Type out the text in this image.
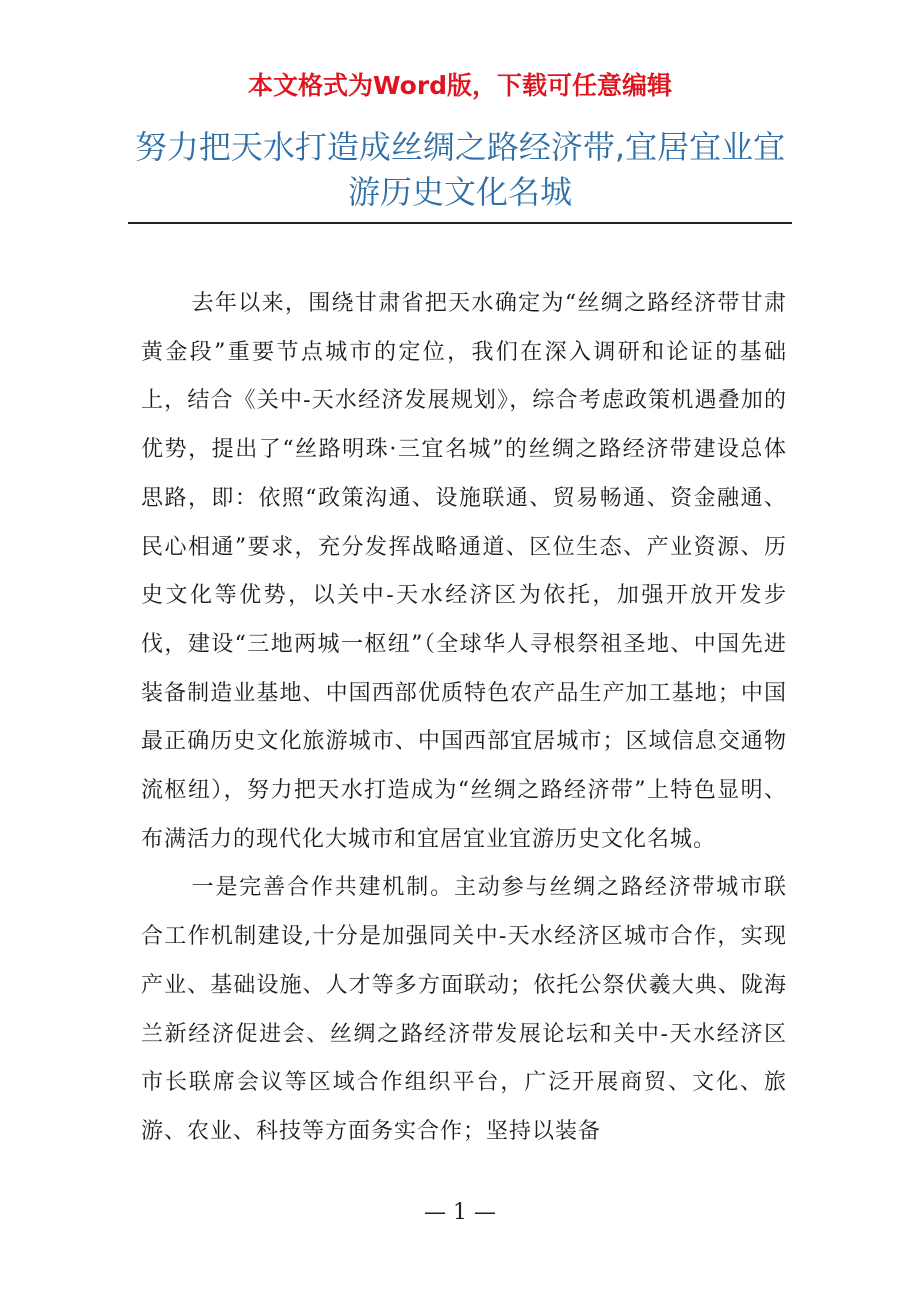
本文格式为Word版，下载可任意编辑
努力把天水打造成丝绸之路经济带,宜居宜业宜游历史文化名城

去年以来，围绕甘肃省把天水确定为“丝绸之路经济带甘肃黄金段”重要节点城市的定位，我们在深入调研和论证的基础上，结合《关中-天水经济发展规划》，综合考虑政策机遇叠加的优势，提出了“丝路明珠·三宜名城”的丝绸之路经济带建设总体思路，即：依照“政策沟通、设施联通、贸易畅通、资金融通、民心相通”要求，充分发挥战略通道、区位生态、产业资源、历史文化等优势，以关中-天水经济区为依托，加强开放开发步伐，建设“三地两城一枢纽”（全球华人寻根祭祖圣地、中国先进装备制造业基地、中国西部优质特色农产品生产加工基地；中国最正确历史文化旅游城市、中国西部宜居城市；区域信息交通物流枢纽），努力把天水打造成为“丝绸之路经济带”上特色显明、布满活力的现代化大城市和宜居宜业宜游历史文化名城。

一是完善合作共建机制。主动参与丝绸之路经济带城市联合工作机制建设,十分是加强同关中-天水经济区城市合作，实现产业、基础设施、人才等多方面联动；依托公祭伏羲大典、陇海兰新经济促进会、丝绸之路经济带发展论坛和关中-天水经济区市长联席会议等区域合作组织平台，广泛开展商贸、文化、旅游、农业、科技等方面务实合作；坚持以装备

— 1 —
